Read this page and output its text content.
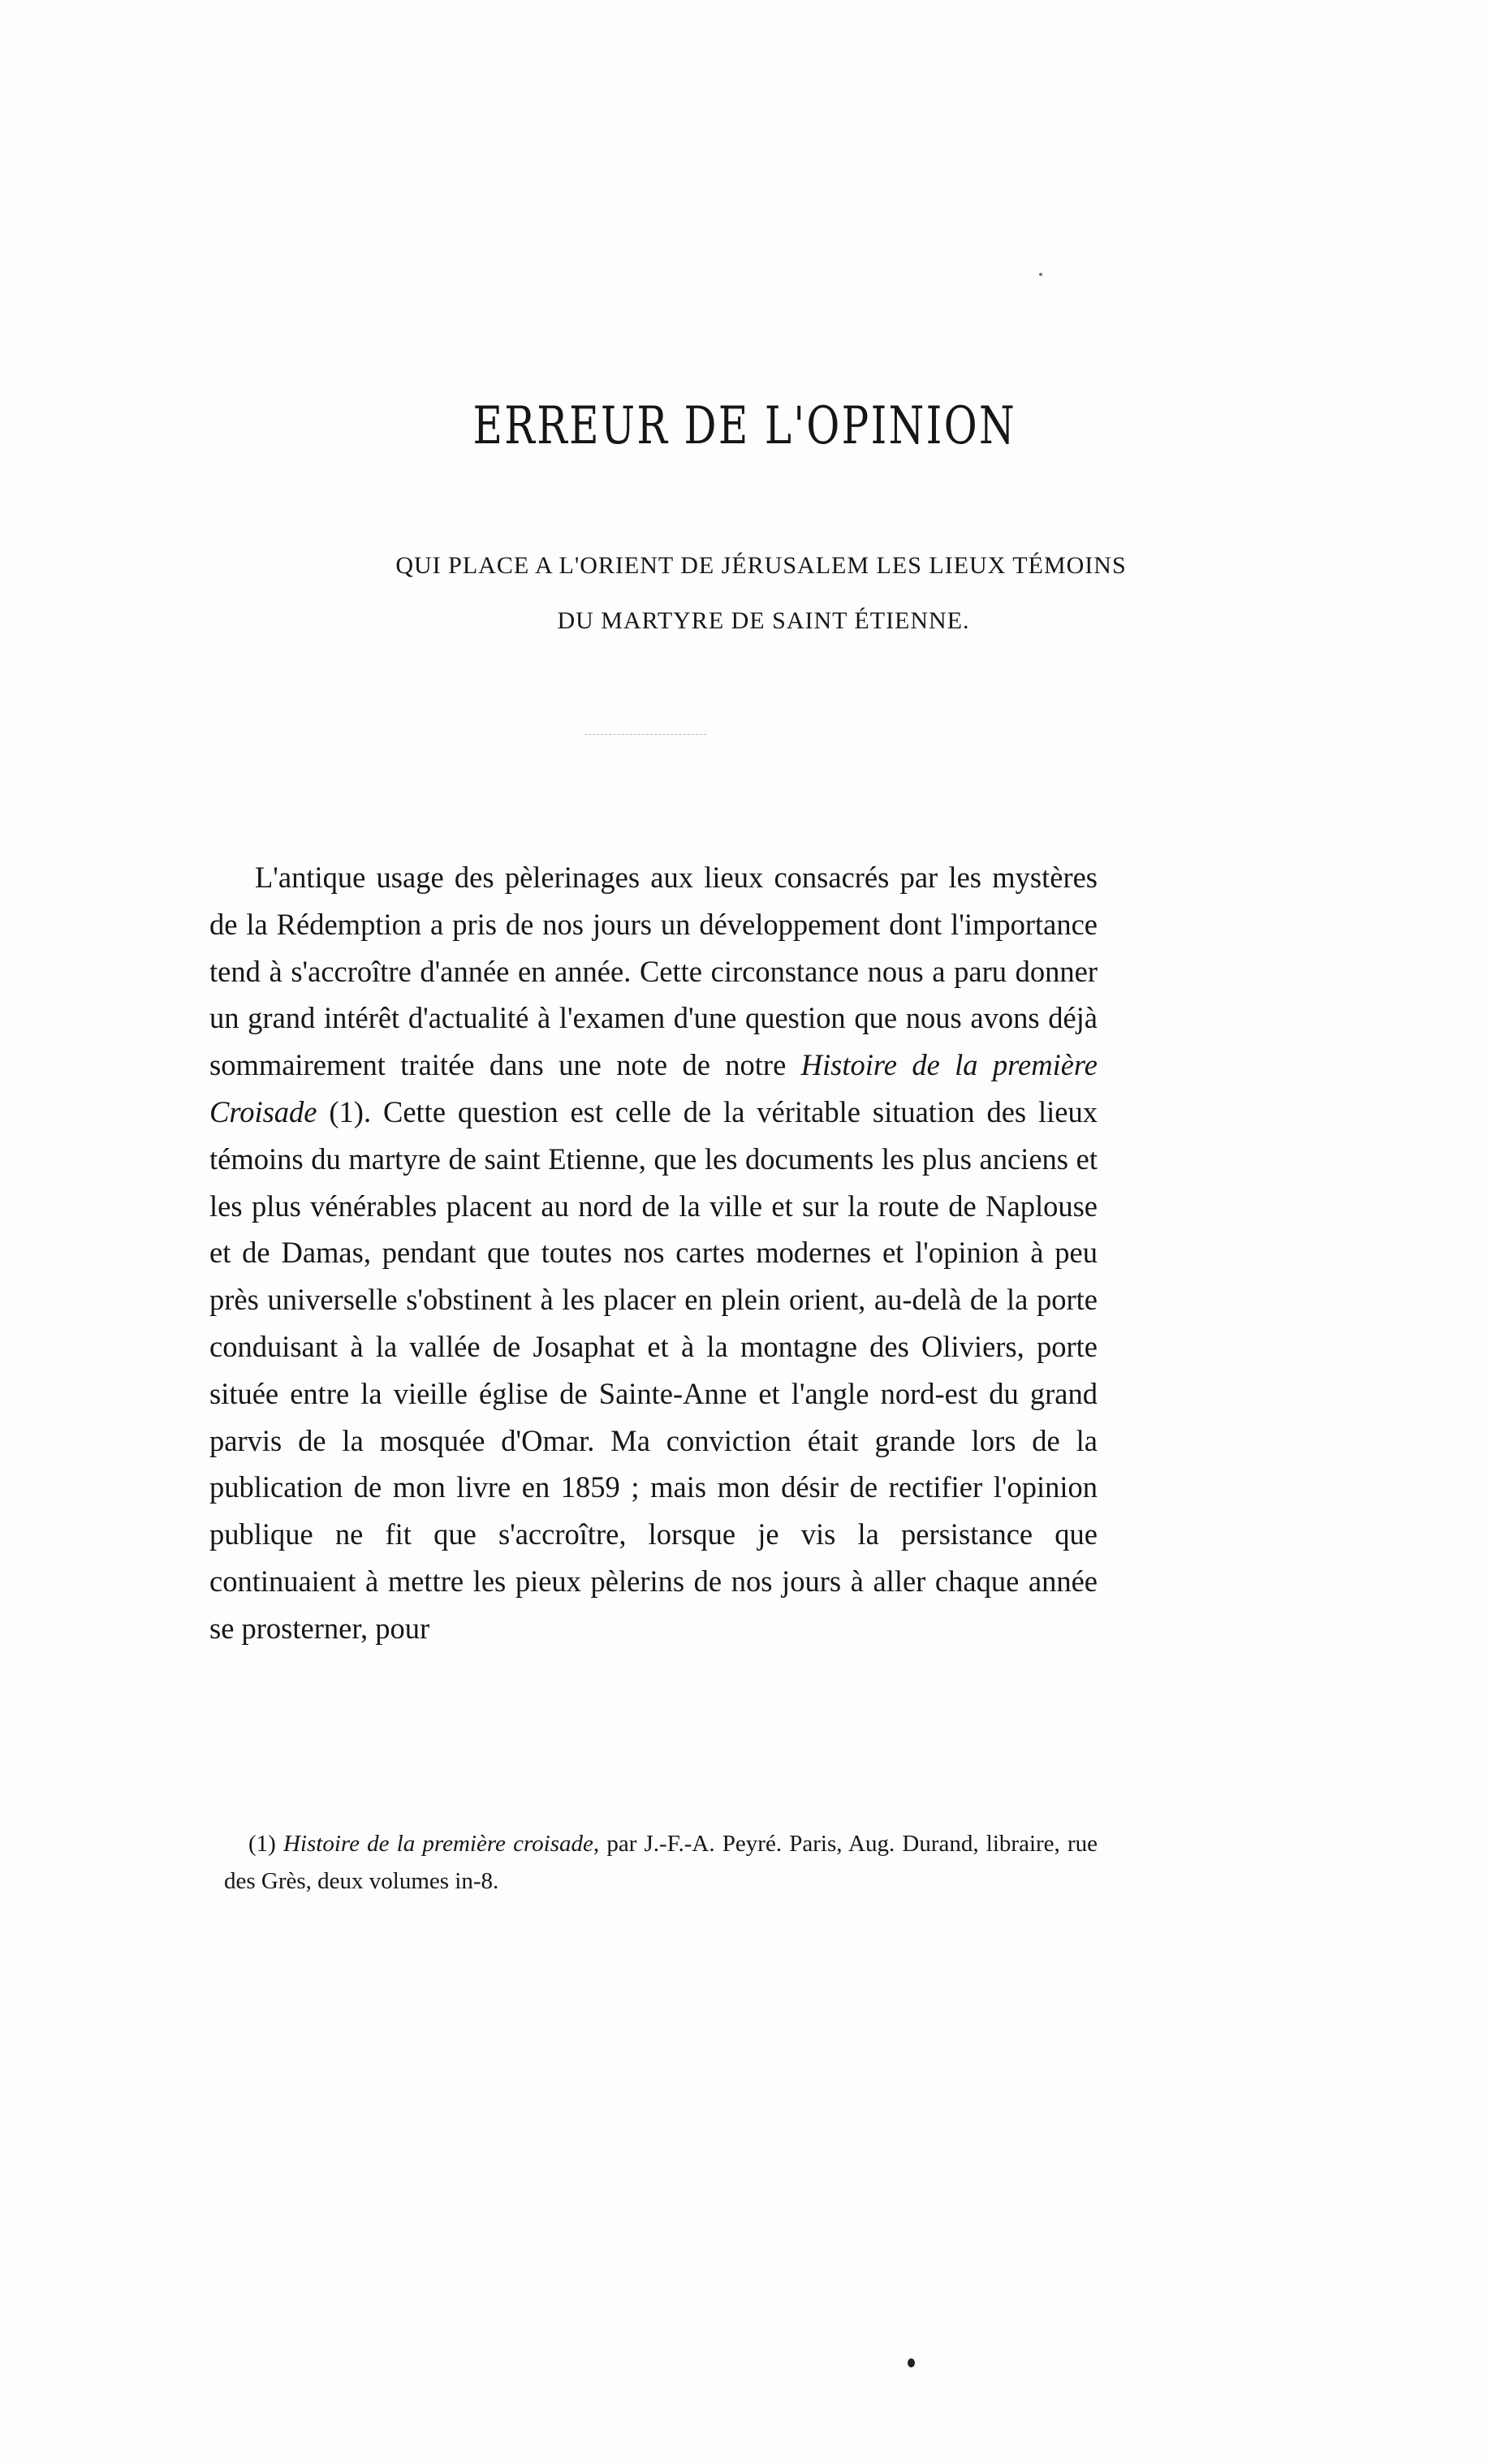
ERREUR DE L'OPINION

QUI PLACE A L'ORIENT DE JÉRUSALEM LES LIEUX TÉMOINS

DU MARTYRE DE SAINT ÉTIENNE.

L'antique usage des pèlerinages aux lieux consacrés par les mystères de la Rédemption a pris de nos jours un développement dont l'importance tend à s'accroître d'année en année. Cette circonstance nous a paru donner un grand intérêt d'actualité à l'examen d'une question que nous avons déjà sommairement traitée dans une note de notre Histoire de la première Croisade (1). Cette question est celle de la véritable situation des lieux témoins du martyre de saint Etienne, que les documents les plus anciens et les plus vénérables placent au nord de la ville et sur la route de Naplouse et de Damas, pendant que toutes nos cartes modernes et l'opinion à peu près universelle s'obstinent à les placer en plein orient, au-delà de la porte conduisant à la vallée de Josaphat et à la montagne des Oliviers, porte située entre la vieille église de Sainte-Anne et l'angle nord-est du grand parvis de la mosquée d'Omar. Ma conviction était grande lors de la publication de mon livre en 1859 ; mais mon désir de rectifier l'opinion publique ne fit que s'accroître, lorsque je vis la persistance que continuaient à mettre les pieux pèlerins de nos jours à aller chaque année se prosterner, pour

(1) Histoire de la première croisade, par J.-F.-A. Peyré. Paris, Aug. Durand, libraire, rue des Grès, deux volumes in-8.
